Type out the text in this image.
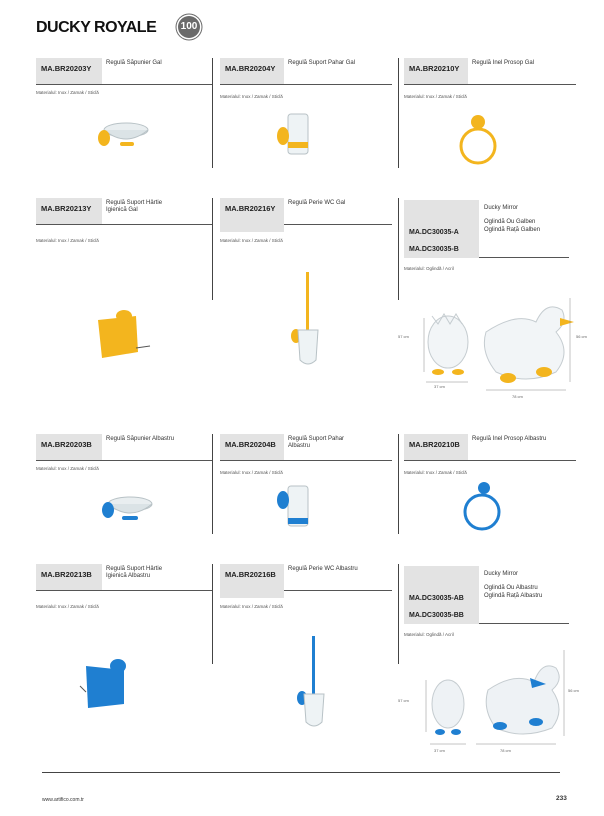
DUCKY ROYALE 100
MA.BR20203Y
Regulă Săpunier Gal
Materialul: Inox / Zamak / Sticlă
MA.BR20204Y
Regulă Suport Pahar Gal
Materialul: Inox / Zamak / Sticlă
MA.BR20210Y
Regulă Inel Prosop Gal
Materialul: Inox / Zamak / Sticlă
MA.BR20213Y
Regulă Suport Hârtie Igienică Gal
Materialul: Inox / Zamak / Sticlă
MA.BR20216Y
Regulă Perie WC Gal
Materialul: Inox / Zamak / Sticlă
MA.DC30035-A
MA.DC30035-B
Ducky Mirror
Oglindă Ou Galben
Oglindă Rață Galben
Materialul: Oglindă / Acril
57 cm
37 cm
56 cm
78 cm
MA.BR20203B
Regulă Săpunier Albastru
Materialul: Inox / Zamak / Sticlă
MA.BR20204B
Regulă Suport Pahar Albastru
Materialul: Inox / Zamak / Sticlă
MA.BR20210B
Regulă Inel Prosop Albastru
Materialul: Inox / Zamak / Sticlă
MA.BR20213B
Regulă Suport Hârtie Igienică Albastru
Materialul: Inox / Zamak / Sticlă
MA.BR20216B
Regulă Perie WC Albastru
Materialul: Inox / Zamak / Sticlă
MA.DC30035-AB
MA.DC30035-BB
Ducky Mirror
Oglindă Ou Albastru
Oglindă Rață Albastru
Materialul: Oglindă / Acril
57 cm
37 cm
56 cm
78 cm
www.artifico.com.tr	233
